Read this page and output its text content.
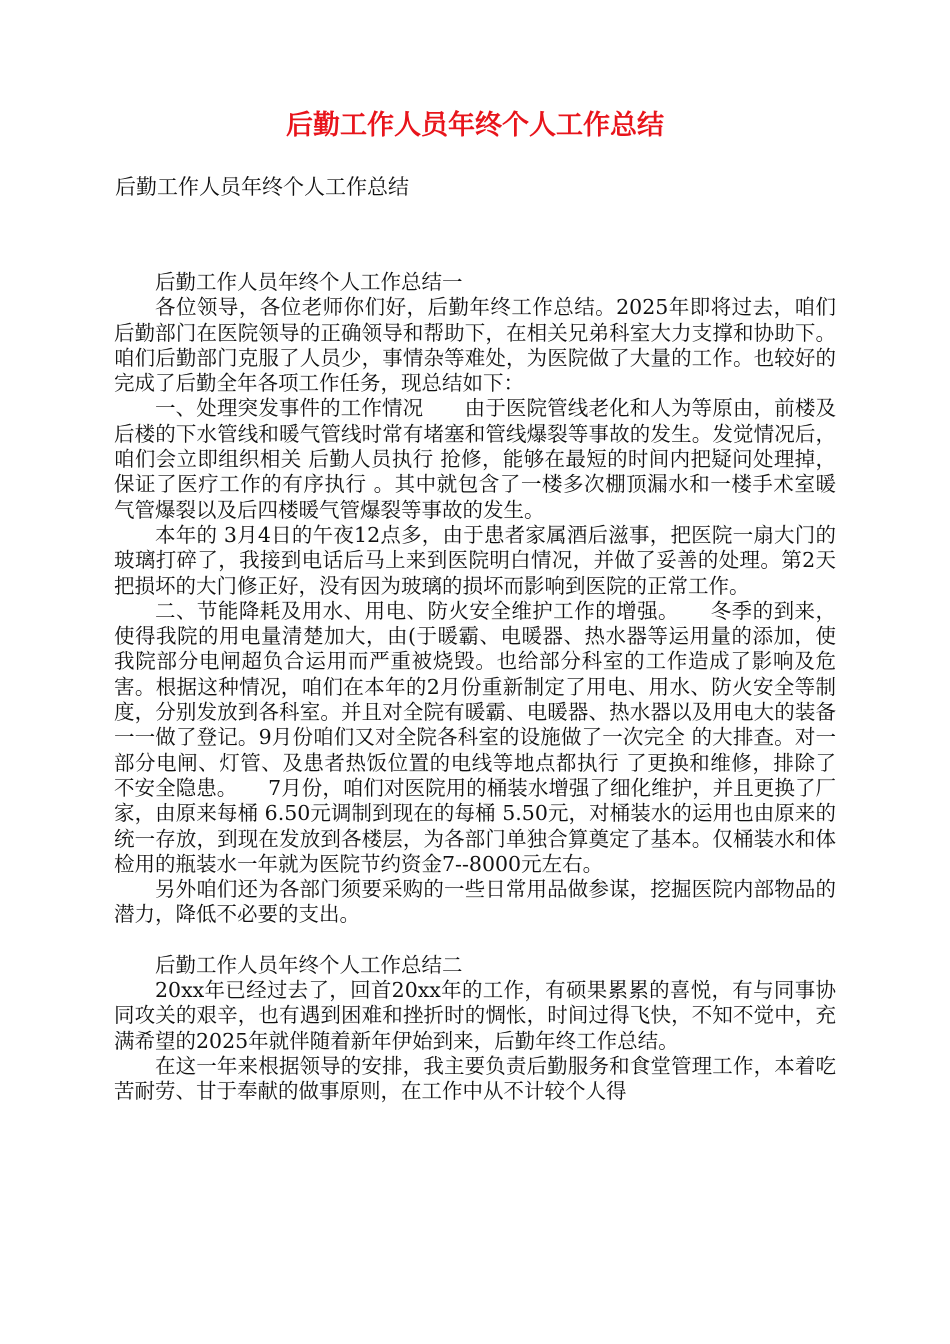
后勤工作人员年终个人工作总结

后勤工作人员年终个人工作总结

后勤工作人员年终个人工作总结一

各位领导，各位老师你们好，后勤年终工作总结。2025年即将过去，咱们后勤部门在医院领导的正确领导和帮助下，在相关兄弟科室大力支撑和协助下。咱们后勤部门克服了人员少，事情杂等难处，为医院做了大量的工作。也较好的完成了后勤全年各项工作任务，现总结如下：

一、处理突发事件的工作情况　　由于医院管线老化和人为等原由，前楼及后楼的下水管线和暖气管线时常有堵塞和管线爆裂等事故的发生。发觉情况后，咱们会立即组织相关 后勤人员执行 抢修，能够在最短的时间内把疑问处理掉，保证了医疗工作的有序执行 。其中就包含了一楼多次棚顶漏水和一楼手术室暖气管爆裂以及后四楼暖气管爆裂等事故的发生。

本年的 3月4日的午夜12点多，由于患者家属酒后滋事，把医院一扇大门的玻璃打碎了，我接到电话后马上来到医院明白情况，并做了妥善的处理。第2天把损坏的大门修正好，没有因为玻璃的损坏而影响到医院的正常工作。

二、节能降耗及用水、用电、防火安全维护工作的增强。　　冬季的到来，使得我院的用电量清楚加大，由(于暖霸、电暖器、热水器等运用量的添加，使我院部分电闸超负合运用而严重被烧毁。也给部分科室的工作造成了影响及危害。根据这种情况，咱们在本年的2月份重新制定了用电、用水、防火安全等制度，分别发放到各科室。并且对全院有暖霸、电暖器、热水器以及用电大的装备一一做了登记。9月份咱们又对全院各科室的设施做了一次完全 的大排查。对一部分电闸、灯管、及患者热饭位置的电线等地点都执行 了更换和维修，排除了不安全隐患。　　7月份，咱们对医院用的桶装水增强了细化维护，并且更换了厂家，由原来每桶 6.50元调制到现在的每桶 5.50元，对桶装水的运用也由原来的统一存放，到现在发放到各楼层，为各部门单独合算奠定了基本。仅桶装水和体检用的瓶装水一年就为医院节约资金7--8000元左右。

另外咱们还为各部门须要采购的一些日常用品做参谋，挖掘医院内部物品的潜力，降低不必要的支出。

后勤工作人员年终个人工作总结二

20xx年已经过去了，回首20xx年的工作，有硕果累累的喜悦，有与同事协同攻关的艰辛，也有遇到困难和挫折时的惆怅，时间过得飞快，不知不觉中，充满希望的2025年就伴随着新年伊始到来，后勤年终工作总结。

在这一年来根据领导的安排，我主要负责后勤服务和食堂管理工作，本着吃苦耐劳、甘于奉献的做事原则，在工作中从不计较个人得
